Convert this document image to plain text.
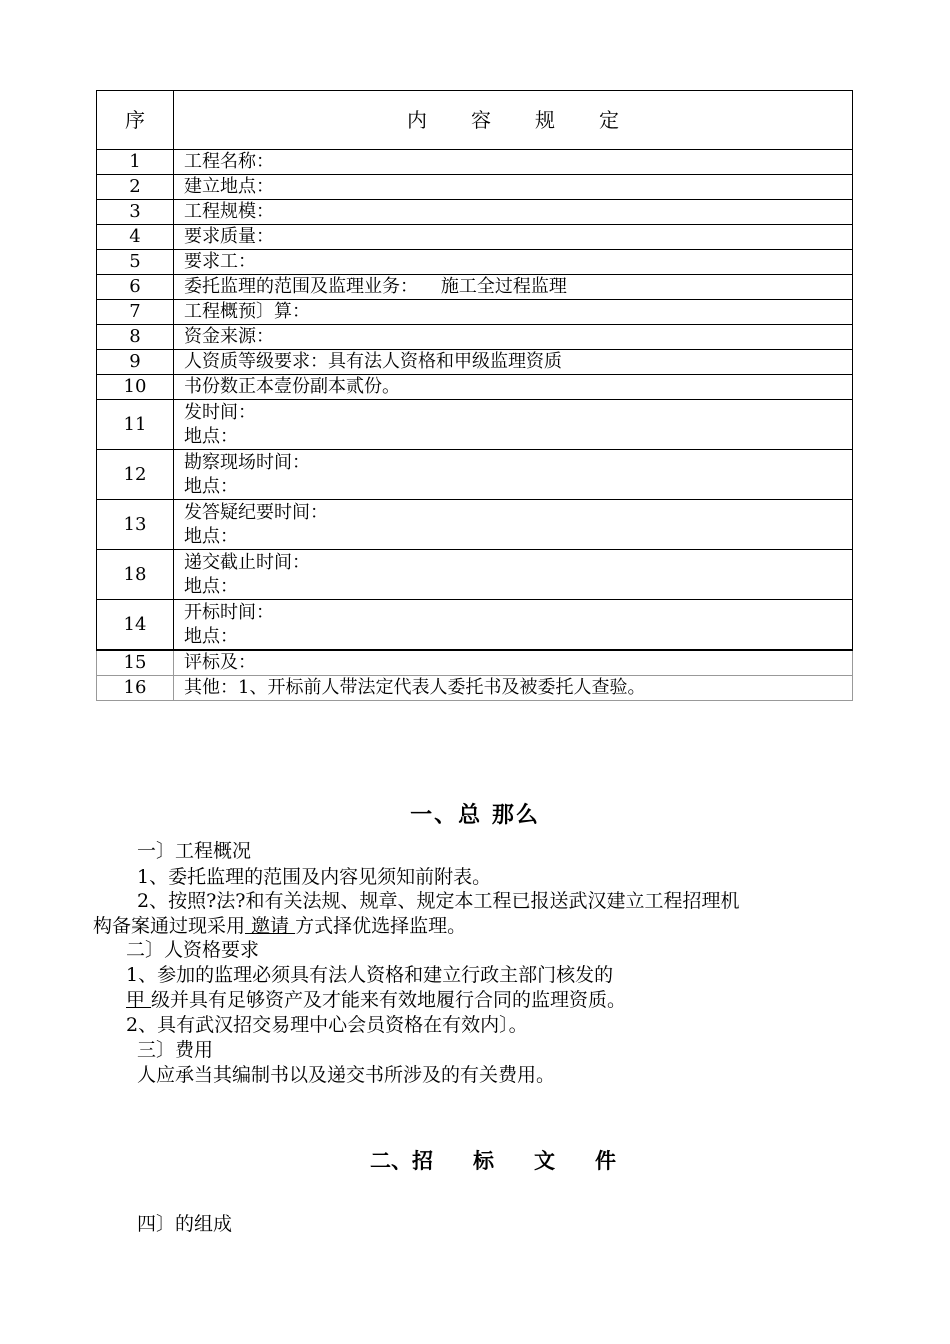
序	内容规定
1	工程名称：
2	建立地点：
3	工程规模：
4	要求质量：
5	要求工：
6	委托监理的范围及监理业务：    施工全过程监理
7	工程概预〕算：
8	资金来源：
9	人资质等级要求：具有法人资格和甲级监理资质
10	书份数正本壹份副本贰份。
11	发时间：
地点：

12	勘察现场时间：
地点：

13	发答疑纪要时间：
地点：

18	递交截止时间：
地点：

14	开标时间：
地点：

15	评标及：
16	其他：1、开标前人带法定代表人委托书及被委托人查验。
一、总 那么
一〕工程概况
1、委托监理的范围及内容见须知前附表。
2、按照?法?和有关法规、规章、规定本工程已报送武汉建立工程招理机
构备案通过现采用 邀请 方式择优选择监理。
二〕人资格要求
1、参加的监理必须具有法人资格和建立行政主部门核发的
甲 级并具有足够资产及才能来有效地履行合同的监理资质。
2、具有武汉招交易理中心会员资格在有效内〕。
三〕费用
人应承当其编制书以及递交书所涉及的有关费用。
二、招 标 文 件
四〕的组成
